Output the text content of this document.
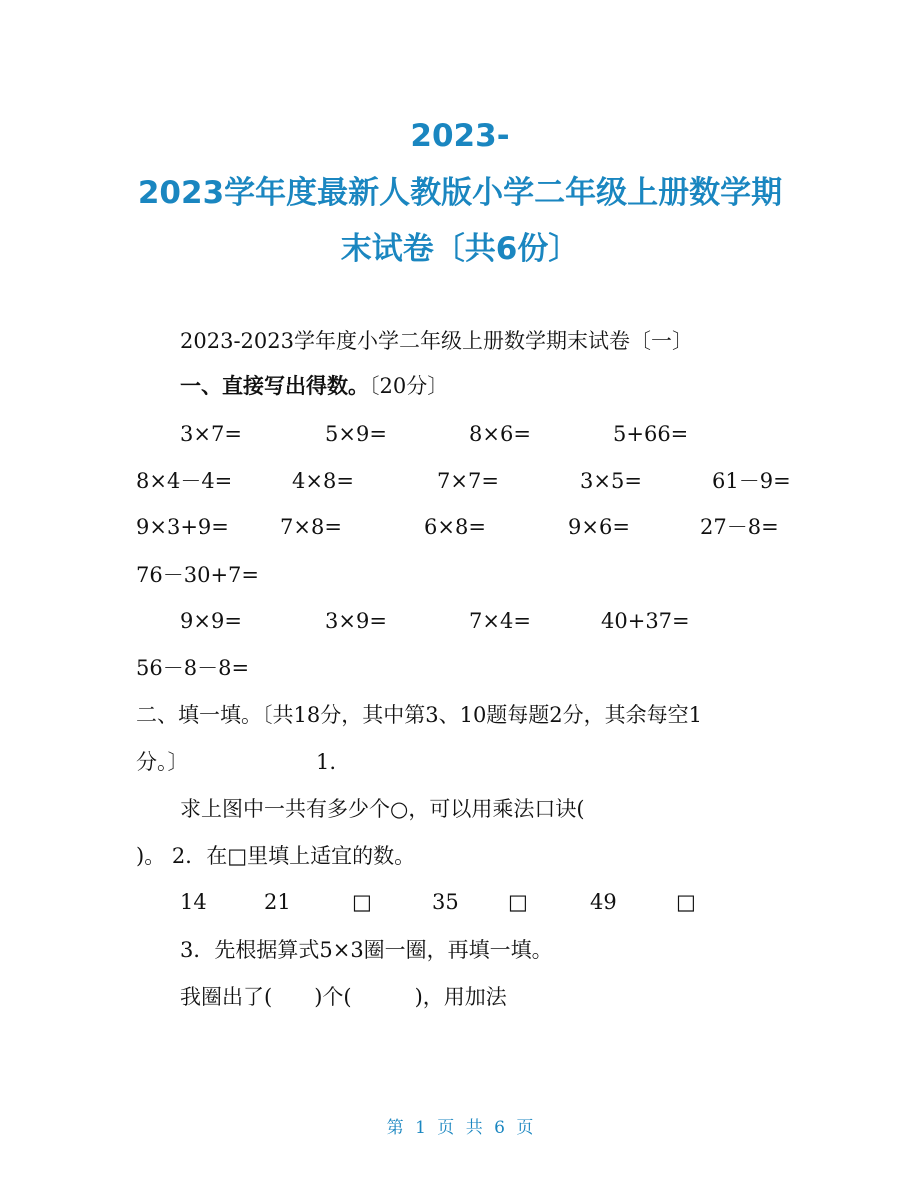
2023-
2023学年度最新人教版小学二年级上册数学期
末试卷〔共6份〕
2023-2023学年度小学二年级上册数学期末试卷〔一〕
一、直接写出得数。〔20分〕
3×7=	5×9=	8×6=	5+66=
8×4－4=	4×8=	7×7=	3×5=	61－9=
9×3+9= 7×8=	6×8=	9×6=	27－8=
76－30+7=
9×9=	3×9=	7×4=	40+37=
56－8－8=
二、填一填。〔共18分，其中第3、10题每题2分，其余每空1
分。〕	1.
求上图中一共有多少个○，可以用乘法口诀(
)。 2．在□里填上适宜的数。
14	21	□	35 □	49	□
3．先根据算式5×3圈一圈，再填一填。
我圈出了(　　)个(　　　)，用加法
第 1 页 共 6 页
